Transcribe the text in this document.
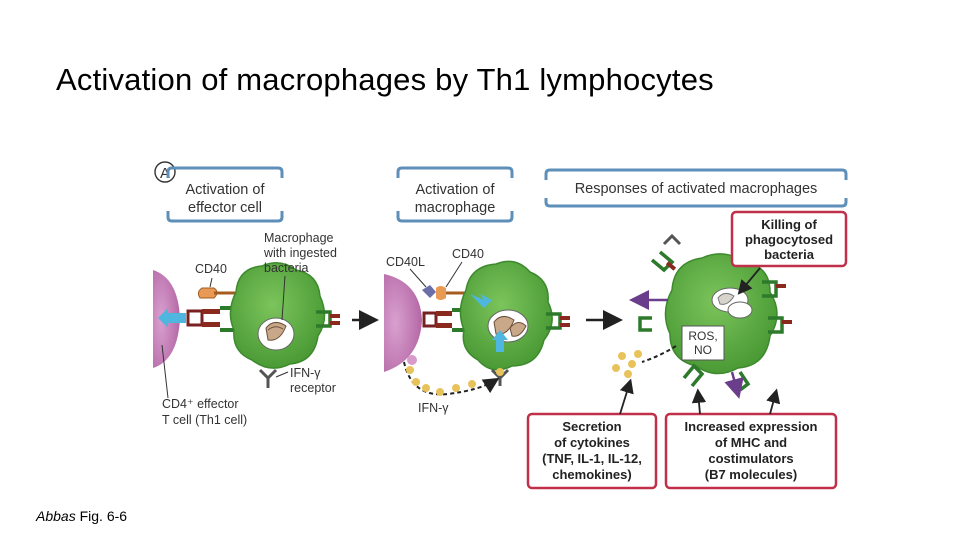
Activation of macrophages by Th1 lymphocytes
A
Activation of
effector cell
Activation of
macrophage
Responses of activated macrophages
CD40
Macrophage
with ingested
bacteria
IFN-γ
receptor
CD4⁺ effector
T cell (Th1 cell)
CD40L
CD40
IFN-γ
ROS,
NO
Killing of
phagocytosed
bacteria
Secretion
of cytokines
(TNF, IL-1, IL-12,
chemokines)
Increased expression
of MHC and
costimulators
(B7 molecules)
Abbas Fig. 6-6
